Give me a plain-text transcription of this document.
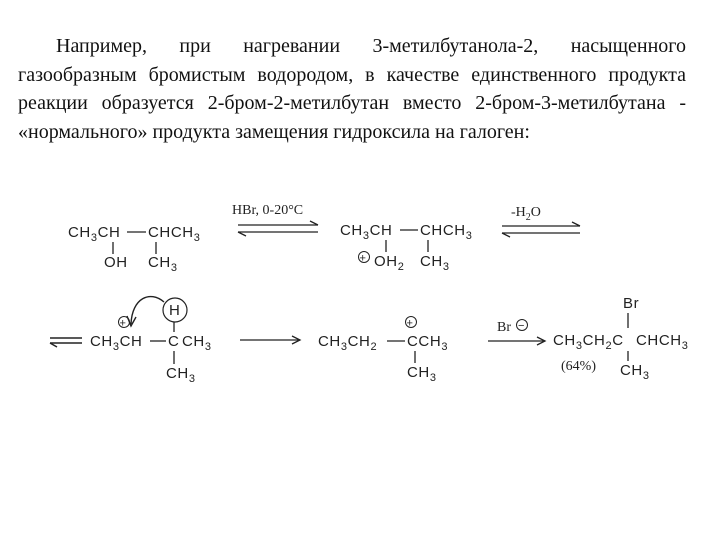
Например, при нагревании 3-метилбутанола-2, насыщенного газообразным бромистым водородом, в качестве единственного продукта реакции образуется 2-бром-2-метилбутан вместо 2-бром-3-метилбутана - «нормального» продукта замещения гидроксила на галоген:

$CH_3CH$ $CHCH_3$
OH $CH_3$
HBr, 0-20°C
$CH_3CH$ $CHCH_3$
+ $OH_2$ $CH_3$
$-H_2O$
+
$CH_3CH$ C $CH_3$
H
$CH_3$
+
$CH_3CH_2$ $CCH_3$
$CH_3$
Br −
Br
$CH_3CH_2C$ $CHCH_3$
(64%) $CH_3$
